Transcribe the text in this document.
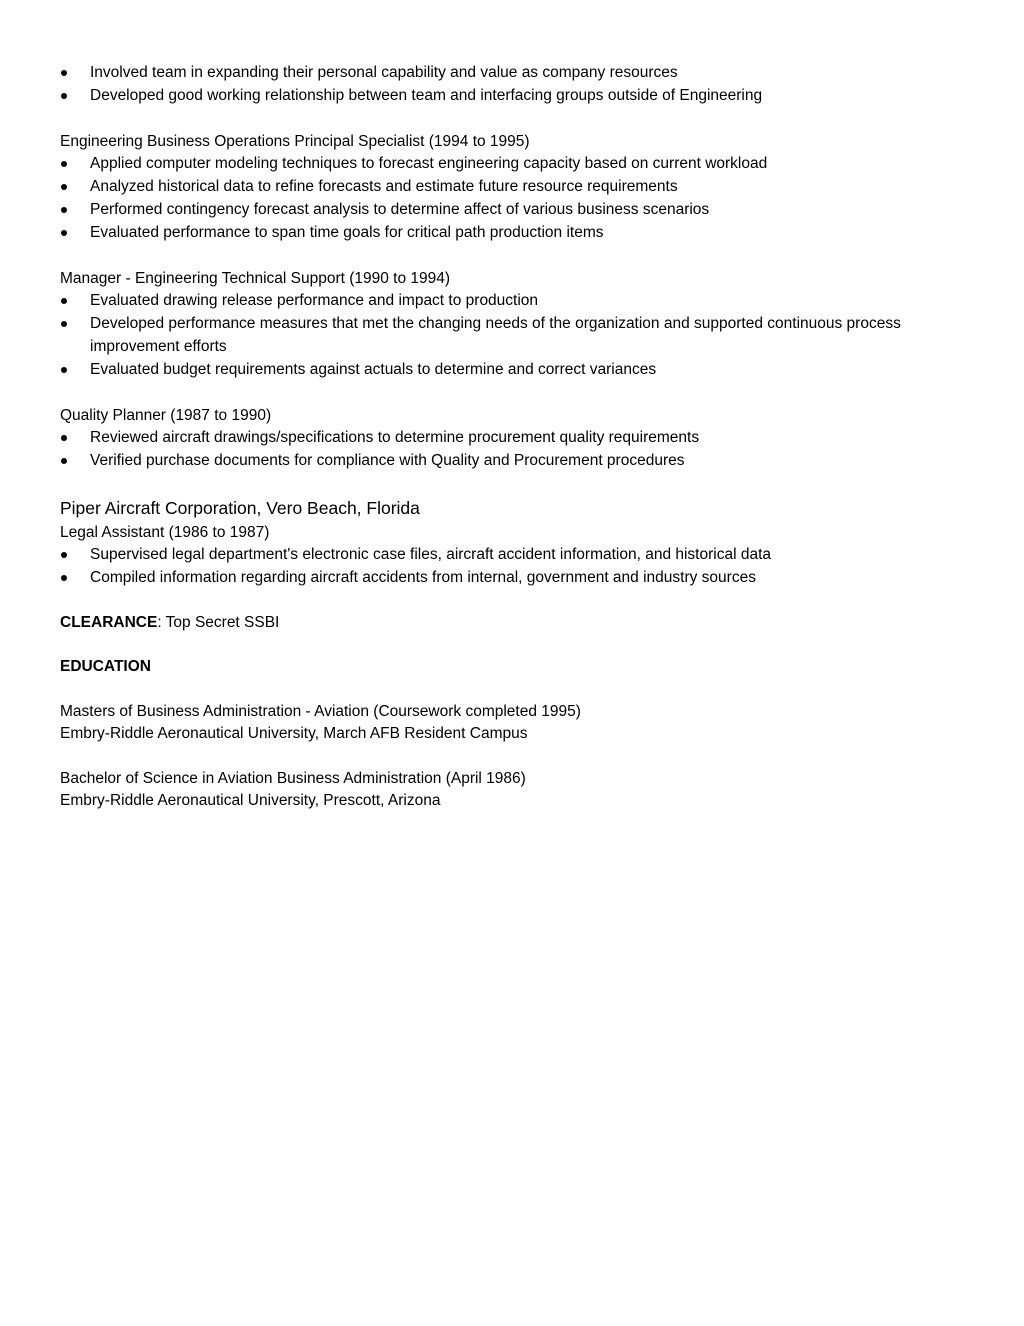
Involved team in expanding their personal capability and value as company resources
Developed good working relationship between team and interfacing groups outside of Engineering

Engineering Business Operations Principal Specialist (1994 to 1995)

Applied computer modeling techniques to forecast engineering capacity based on current workload
Analyzed historical data to refine forecasts and estimate future resource requirements
Performed contingency forecast analysis to determine affect of various business scenarios
Evaluated performance to span time goals for critical path production items

Manager - Engineering Technical Support (1990 to 1994)

Evaluated drawing release performance and impact to production
Developed performance measures that met the changing needs of the organization and supported continuous process improvement efforts
Evaluated budget requirements against actuals to determine and correct variances

Quality Planner (1987 to 1990)

Reviewed aircraft drawings/specifications to determine procurement quality requirements
Verified purchase documents for compliance with Quality and Procurement procedures

Piper Aircraft Corporation, Vero Beach, Florida

Legal Assistant (1986 to 1987)

Supervised legal department's electronic case files, aircraft accident information, and historical data
Compiled information regarding aircraft accidents from internal, government and industry sources

CLEARANCE: Top Secret SSBI

EDUCATION

Masters of Business Administration - Aviation (Coursework completed 1995)

Embry-Riddle Aeronautical University, March AFB Resident Campus

Bachelor of Science in Aviation Business Administration (April 1986)

Embry-Riddle Aeronautical University, Prescott, Arizona
